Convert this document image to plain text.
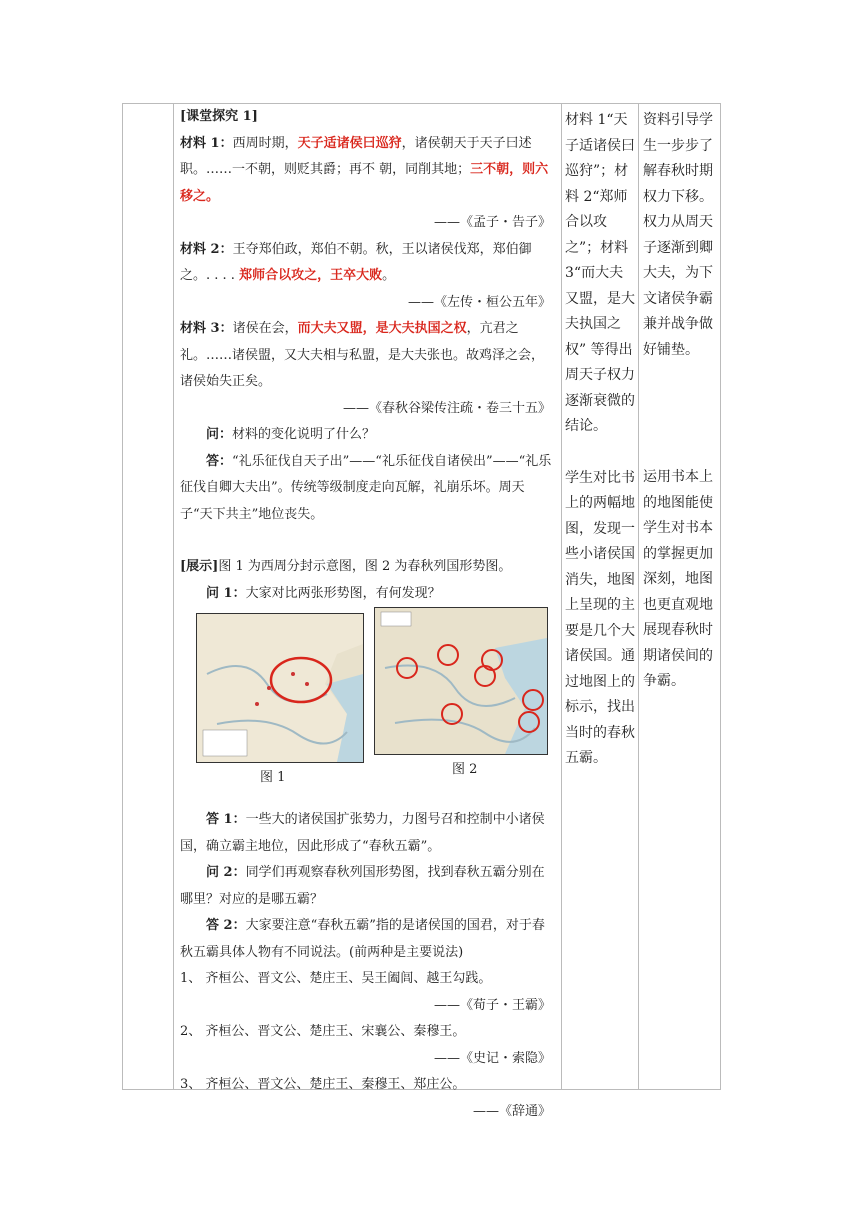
[课堂探究 1]

材料 1：西周时期，天子适诸侯曰巡狩，诸侯朝天于天子曰述职。……一不朝，则贬其爵；再不 朝，同削其地；三不朝，则六移之。

——《孟子・告子》

材料 2：王夺郑伯政，郑伯不朝。秋，王以诸侯伐郑，郑伯御之。. . . . 郑师合以攻之，王卒大败。

——《左传・桓公五年》

材料 3：诸侯在会，而大夫又盟，是大夫执国之权，亢君之礼。……诸侯盟，又大夫相与私盟，是大夫张也。故鸡泽之会，诸侯始失正矣。

——《春秋谷梁传注疏・卷三十五》

问：材料的变化说明了什么？

答：“礼乐征伐自天子出”——“礼乐征伐自诸侯出”——“礼乐征伐自卿大夫出”。传统等级制度走向瓦解，礼崩乐坏。周天子“天下共主”地位丧失。

[展示]图 1 为西周分封示意图，图 2 为春秋列国形势图。

问 1：大家对比两张形势图，有何发现？

图 1
图 2

答 1：一些大的诸侯国扩张势力，力图号召和控制中小诸侯国，确立霸主地位，因此形成了“春秋五霸”。

问 2：同学们再观察春秋列国形势图，找到春秋五霸分别在哪里？对应的是哪五霸？

答 2：大家要注意“春秋五霸”指的是诸侯国的国君，对于春秋五霸具体人物有不同说法。(前两种是主要说法)

1、 齐桓公、晋文公、楚庄王、吴王阖闾、越王勾践。

——《荀子・王霸》

2、 齐桓公、晋文公、楚庄王、宋襄公、秦穆王。

——《史记・索隐》

3、 齐桓公、晋文公、楚庄王、秦穆王、郑庄公。

——《辞通》

材料 1“天子适诸侯曰巡狩”；材料 2“郑师合以攻之”；材料 3“而大夫又盟，是大夫执国之权” 等得出周天子权力逐渐衰微的结论。

学生对比书上的两幅地图，发现一些小诸侯国消失，地图上呈现的主要是几个大诸侯国。通过地图上的标示，找出当时的春秋五霸。

资料引导学生一步步了解春秋时期权力下移。权力从周天子逐渐到卿大夫，为下文诸侯争霸兼并战争做好铺垫。

运用书本上的地图能使学生对书本的掌握更加深刻，地图也更直观地展现春秋时期诸侯间的争霸。
